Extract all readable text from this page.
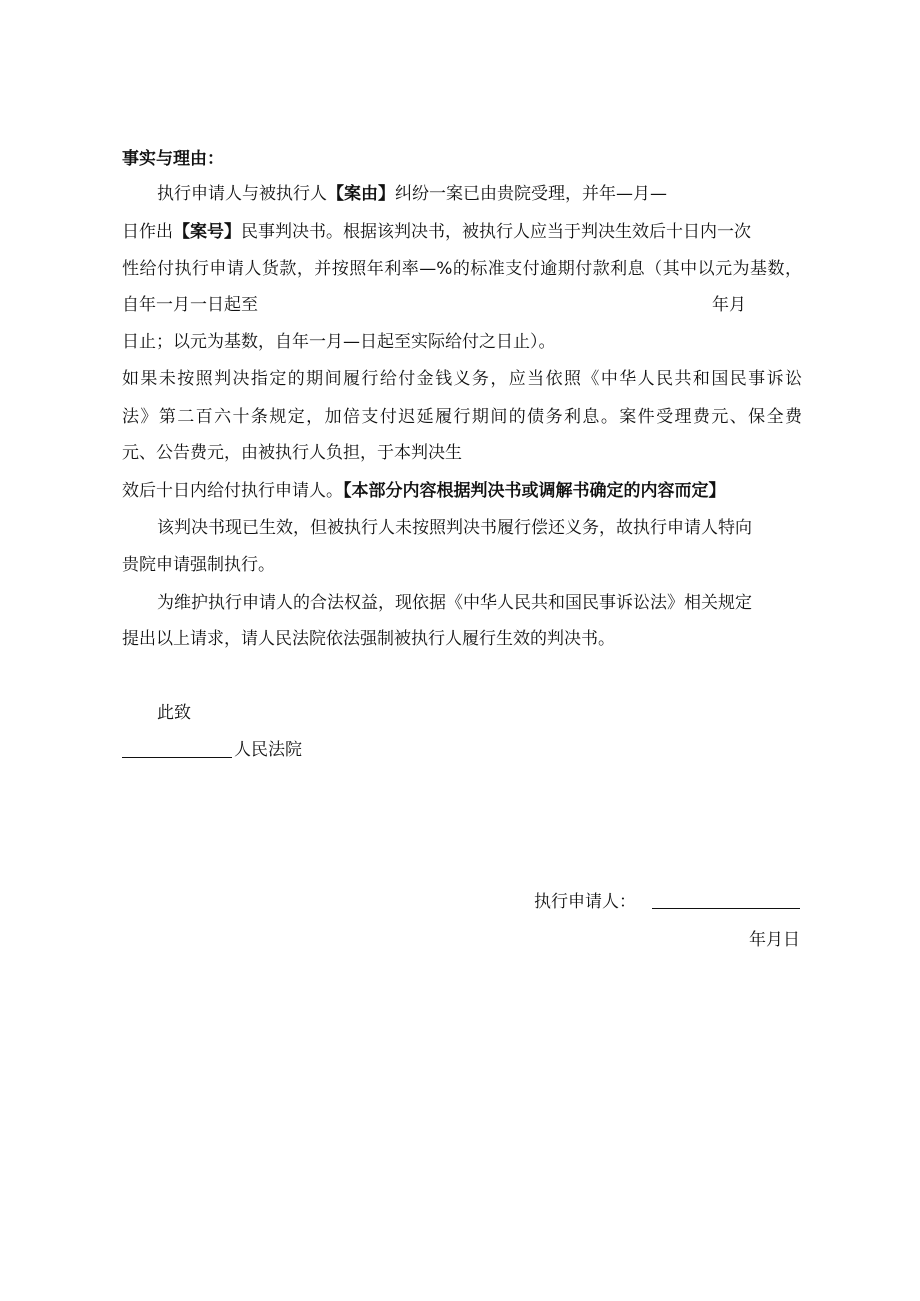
事实与理由：
执行申请人与被执行人【案由】纠纷一案已由贵院受理，并年—月—
日作出【案号】民事判决书。根据该判决书，被执行人应当于判决生效后十日内一次
性给付执行申请人货款，并按照年利率—%的标准支付逾期付款利息（其中以元为基数，
自年一月一日起至	年月
日止；以元为基数，自年一月—日起至实际给付之日止）。
如果未按照判决指定的期间履行给付金钱义务，应当依照《中华人民共和国民事诉讼
法》第二百六十条规定，加倍支付迟延履行期间的债务利息。案件受理费元、保全费
元、公告费元，由被执行人负担，于本判决生
效后十日内给付执行申请人。【本部分内容根据判决书或调解书确定的内容而定】
该判决书现已生效，但被执行人未按照判决书履行偿还义务，故执行申请人特向
贵院申请强制执行。
为维护执行申请人的合法权益，现依据《中华人民共和国民事诉讼法》相关规定
提出以上请求，请人民法院依法强制被执行人履行生效的判决书。
此致
人民法院
执行申请人：
年月日
